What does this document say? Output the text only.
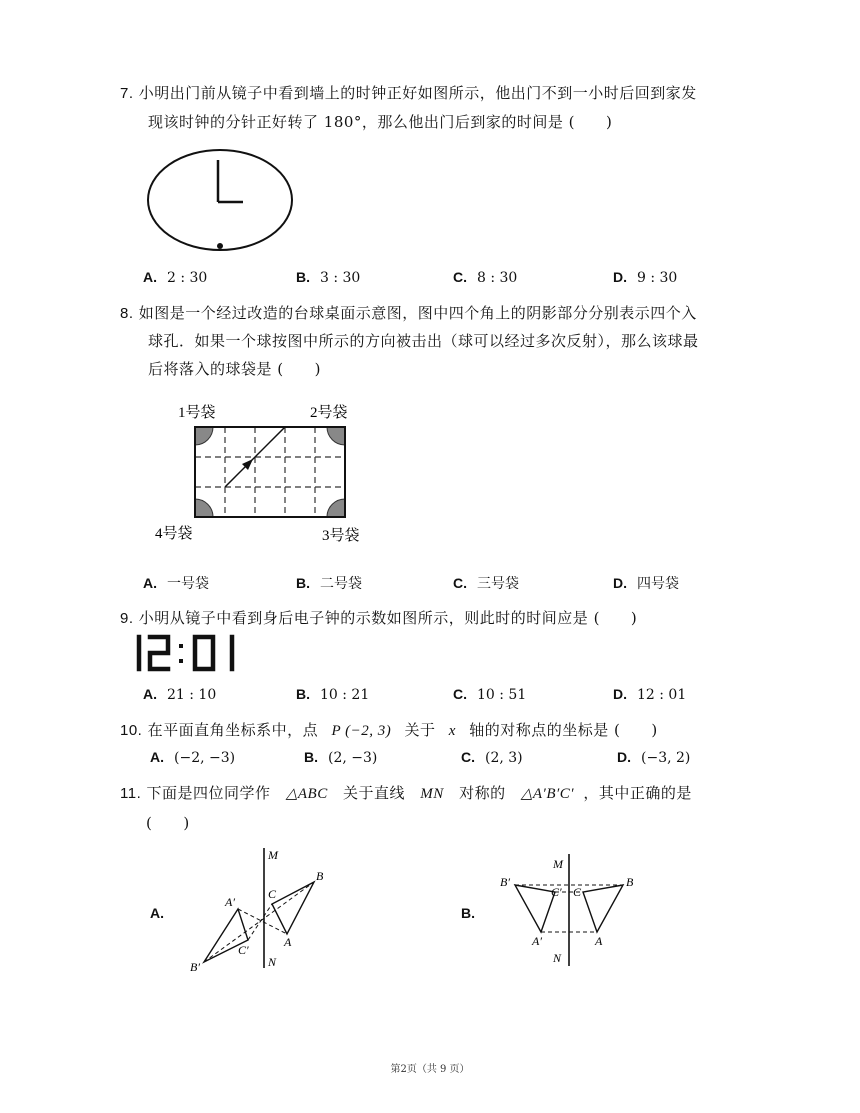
7. 小明出门前从镜子中看到墙上的时钟正好如图所示，他出门不到一小时后回到家发
现该时钟的分针正好转了 180°，那么他出门后到家的时间是 (　　)
A. 2 : 30	B. 3 : 30	C. 8 : 30	D. 9 : 30
8. 如图是一个经过改造的台球桌面示意图，图中四个角上的阴影部分分别表示四个入
球孔．如果一个球按图中所示的方向被击出（球可以经过多次反射），那么该球最
后将落入的球袋是 (　　)
1号袋	2号袋
4号袋	3号袋
A. 一号袋	B. 二号袋	C. 三号袋	D. 四号袋
9. 小明从镜子中看到身后电子钟的示数如图所示，则此时的时间应是 (　　)
A. 21 : 10	B. 10 : 21	C. 10 : 51	D. 12 : 01
10. 在平面直角坐标系中，点 P (−2, 3) 关于 x 轴的对称点的坐标是 (　　)
A. (−2, −3)	B. (2, −3)	C. (2, 3)	D. (−3, 2)
11. 下面是四位同学作 △ABC 关于直线 MN 对称的 △A′B′C′ ，其中正确的是
(　　)
A.	B.
M
N
B
C
A
A′
B′
C′
M
N
B
C
A
B′
C′
A′
第2页（共 9 页）
